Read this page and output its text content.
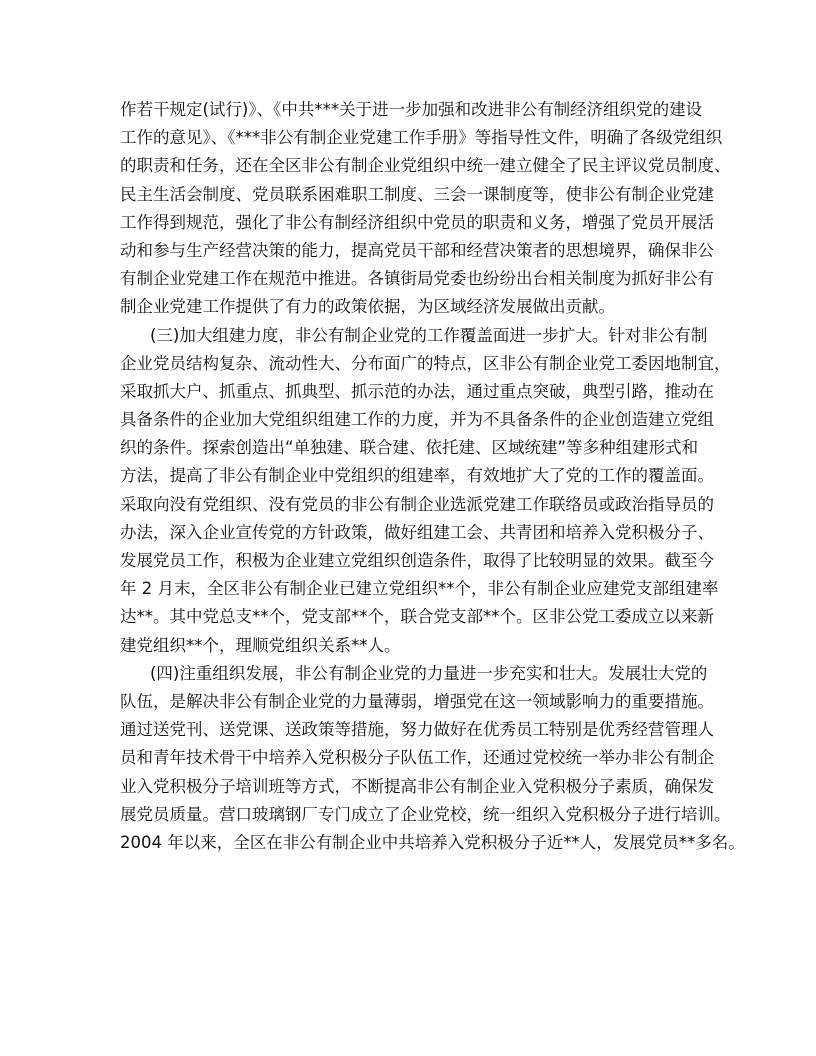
作若干规定(试行)》、《中共***关于进一步加强和改进非公有制经济组织党的建设
工作的意见》、《***非公有制企业党建工作手册》等指导性文件，明确了各级党组织
的职责和任务，还在全区非公有制企业党组织中统一建立健全了民主评议党员制度、
民主生活会制度、党员联系困难职工制度、三会一课制度等，使非公有制企业党建
工作得到规范，强化了非公有制经济组织中党员的职责和义务，增强了党员开展活
动和参与生产经营决策的能力，提高党员干部和经营决策者的思想境界，确保非公
有制企业党建工作在规范中推进。各镇街局党委也纷纷出台相关制度为抓好非公有
制企业党建工作提供了有力的政策依据，为区域经济发展做出贡献。
(三)加大组建力度，非公有制企业党的工作覆盖面进一步扩大。针对非公有制
企业党员结构复杂、流动性大、分布面广的特点，区非公有制企业党工委因地制宜，
采取抓大户、抓重点、抓典型、抓示范的办法，通过重点突破，典型引路，推动在
具备条件的企业加大党组织组建工作的力度，并为不具备条件的企业创造建立党组
织的条件。探索创造出“单独建、联合建、依托建、区域统建”等多种组建形式和
方法，提高了非公有制企业中党组织的组建率，有效地扩大了党的工作的覆盖面。
采取向没有党组织、没有党员的非公有制企业选派党建工作联络员或政治指导员的
办法，深入企业宣传党的方针政策，做好组建工会、共青团和培养入党积极分子、
发展党员工作，积极为企业建立党组织创造条件，取得了比较明显的效果。截至今
年 2 月末，全区非公有制企业已建立党组织**个，非公有制企业应建党支部组建率
达**。其中党总支**个，党支部**个，联合党支部**个。区非公党工委成立以来新
建党组织**个，理顺党组织关系**人。
(四)注重组织发展，非公有制企业党的力量进一步充实和壮大。发展壮大党的
队伍，是解决非公有制企业党的力量薄弱，增强党在这一领域影响力的重要措施。
通过送党刊、送党课、送政策等措施，努力做好在优秀员工特别是优秀经营管理人
员和青年技术骨干中培养入党积极分子队伍工作，还通过党校统一举办非公有制企
业入党积极分子培训班等方式，不断提高非公有制企业入党积极分子素质，确保发
展党员质量。营口玻璃钢厂专门成立了企业党校，统一组织入党积极分子进行培训。
2004 年以来，全区在非公有制企业中共培养入党积极分子近**人，发展党员**多名。
